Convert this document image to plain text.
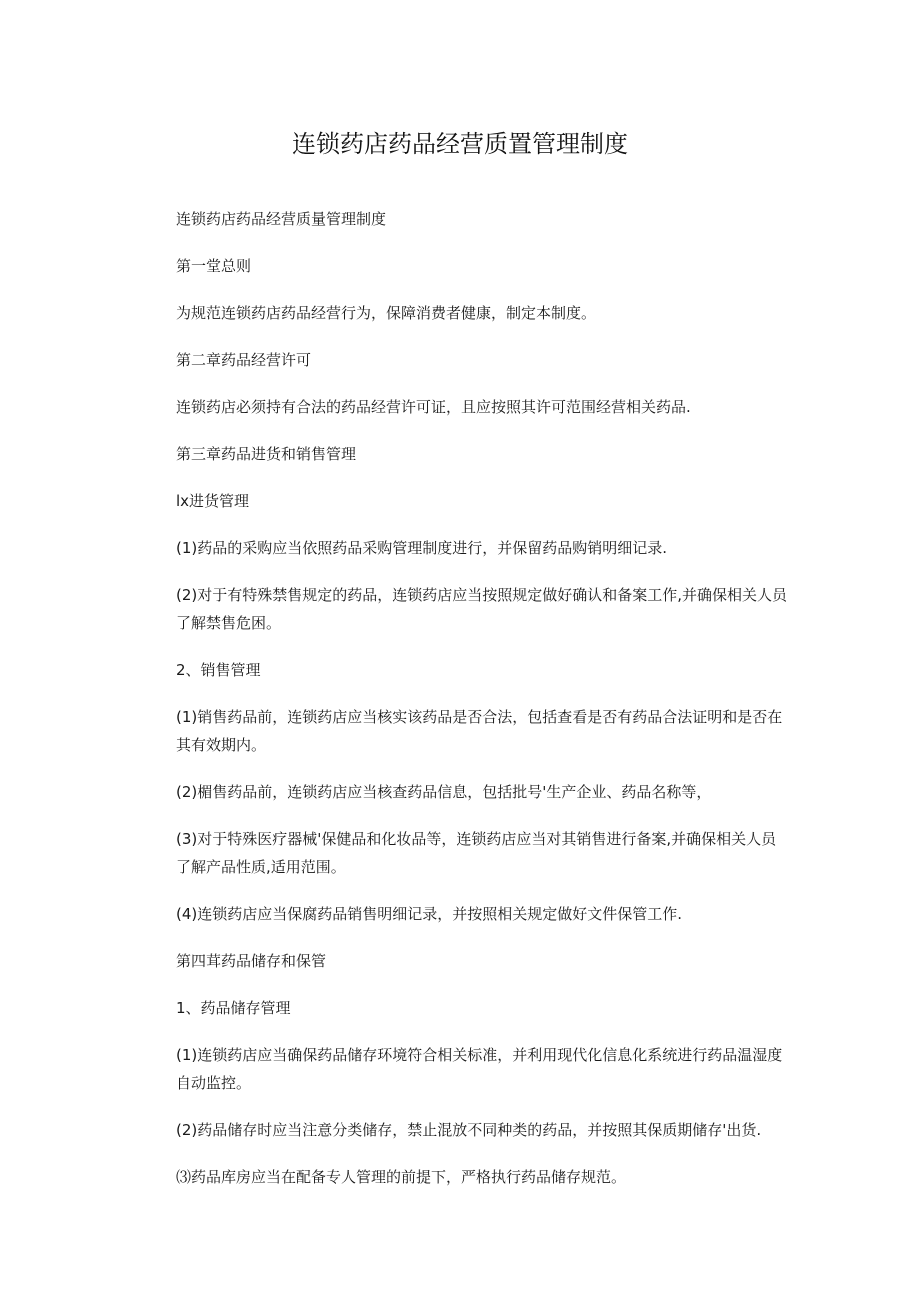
连锁药店药品经营质置管理制度

连锁药店药品经营质量管理制度

第一堂总则

为规范连锁药店药品经营行为，保障消费者健康，制定本制度。

第二章药品经营许可

连锁药店必须持有合法的药品经营许可证，且应按照其许可范围经营相关药品.

第三章药品进货和销售管理

lx进货管理

(1)药品的采购应当依照药品采购管理制度进行，并保留药品购销明细记录.

(2)对于有特殊禁售规定的药品，连锁药店应当按照规定做好确认和备案工作,并确保相关人员了解禁售危困。

2、销售管理

(1)销售药品前，连锁药店应当核实该药品是否合法，包括查看是否有药品合法证明和是否在其有效期内。

(2)楣售药品前，连锁药店应当核查药品信息，包括批号'生产企业、药品名称等，

(3)对于特殊医疗器械'保健品和化妆品等，连锁药店应当对其销售进行备案,并确保相关人员了解产品性质,适用范围。

(4)连锁药店应当保腐药品销售明细记录，并按照相关规定做好文件保管工作.

第四茸药品储存和保管

1、药品储存管理

(1)连锁药店应当确保药品储存环境符合相关标准，并利用现代化信息化系统进行药品温湿度自动监控。

(2)药品储存时应当注意分类储存，禁止混放不同种类的药品，并按照其保质期储存'出货.

⑶药品库房应当在配备专人管理的前提下，严格执行药品储存规范。
